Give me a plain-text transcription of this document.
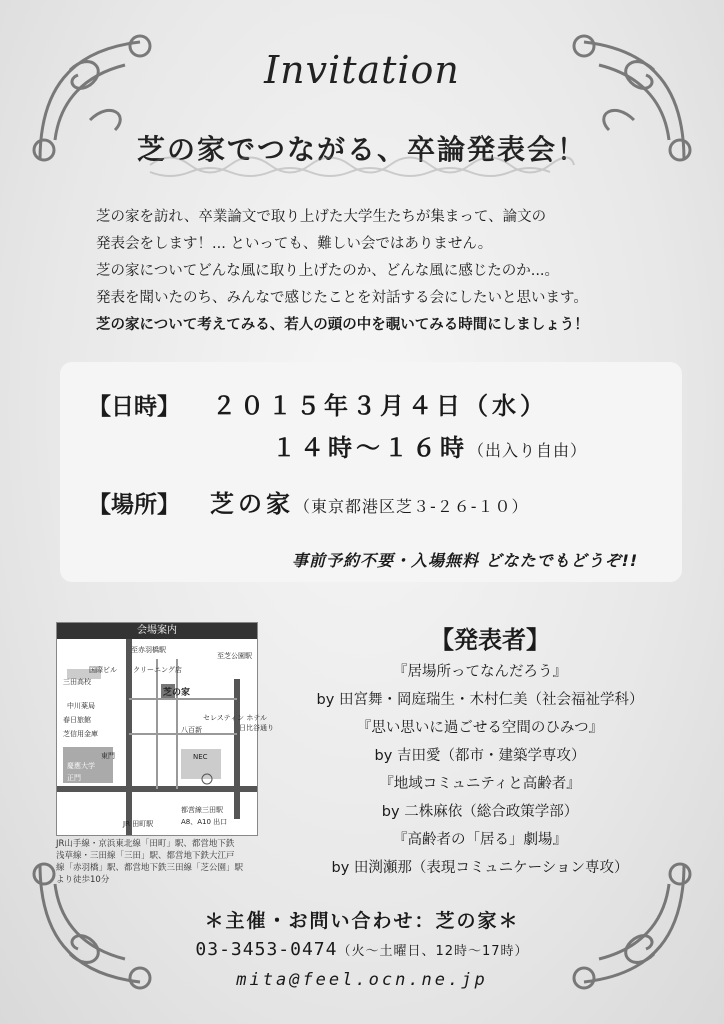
Invitation
芝の家でつながる、卒論発表会！

芝の家を訪れ、卒業論文で取り上げた大学生たちが集まって、論文の

発表会をします！... といっても、難しい会ではありません。

芝の家についてどんな風に取り上げたのか、どんな風に感じたのか...。

発表を聞いたのち、みんなで感じたことを対話する会にしたいと思います。

芝の家について考えてみる、若人の頭の中を覗いてみる時間にしましょう！

【日時】 ２０１５年３月４日（水）
１４時～１６時（出入り自由）
【場所】 芝の家（東京都港区芝３-２６-１０）
事前予約不要・入場無料 どなたでもどうぞ!!
会場案内
国際ビル クリーニング店
三田高校
芝の家
中川薬局
春日旅館	セレスティン ホテル
八百新
芝信用金庫
東門
慶應大学
正門
NEC
至赤羽橋駅
至芝公園駅
日比谷通り
JR 田町駅
都営線三田駅
A8、A10 出口

JR山手線・京浜東北線「田町」駅、都営地下鉄

浅草線・三田線「三田」駅、都営地下鉄大江戸

線「赤羽橋」駅、都営地下鉄三田線「芝公園」駅

より徒歩10分

【発表者】

『居場所ってなんだろう』

by 田宮舞・岡庭瑞生・木村仁美（社会福祉学科）

『思い思いに過ごせる空間のひみつ』

by 吉田愛（都市・建築学専攻）

『地域コミュニティと高齢者』

by 二株麻依（総合政策学部）

『高齢者の「居る」劇場』

by 田渕瀬那（表現コミュニケーション専攻）

＊主催・お問い合わせ：芝の家＊

03-3453-0474（火～土曜日、12時～17時）

mita@feel.ocn.ne.jp
